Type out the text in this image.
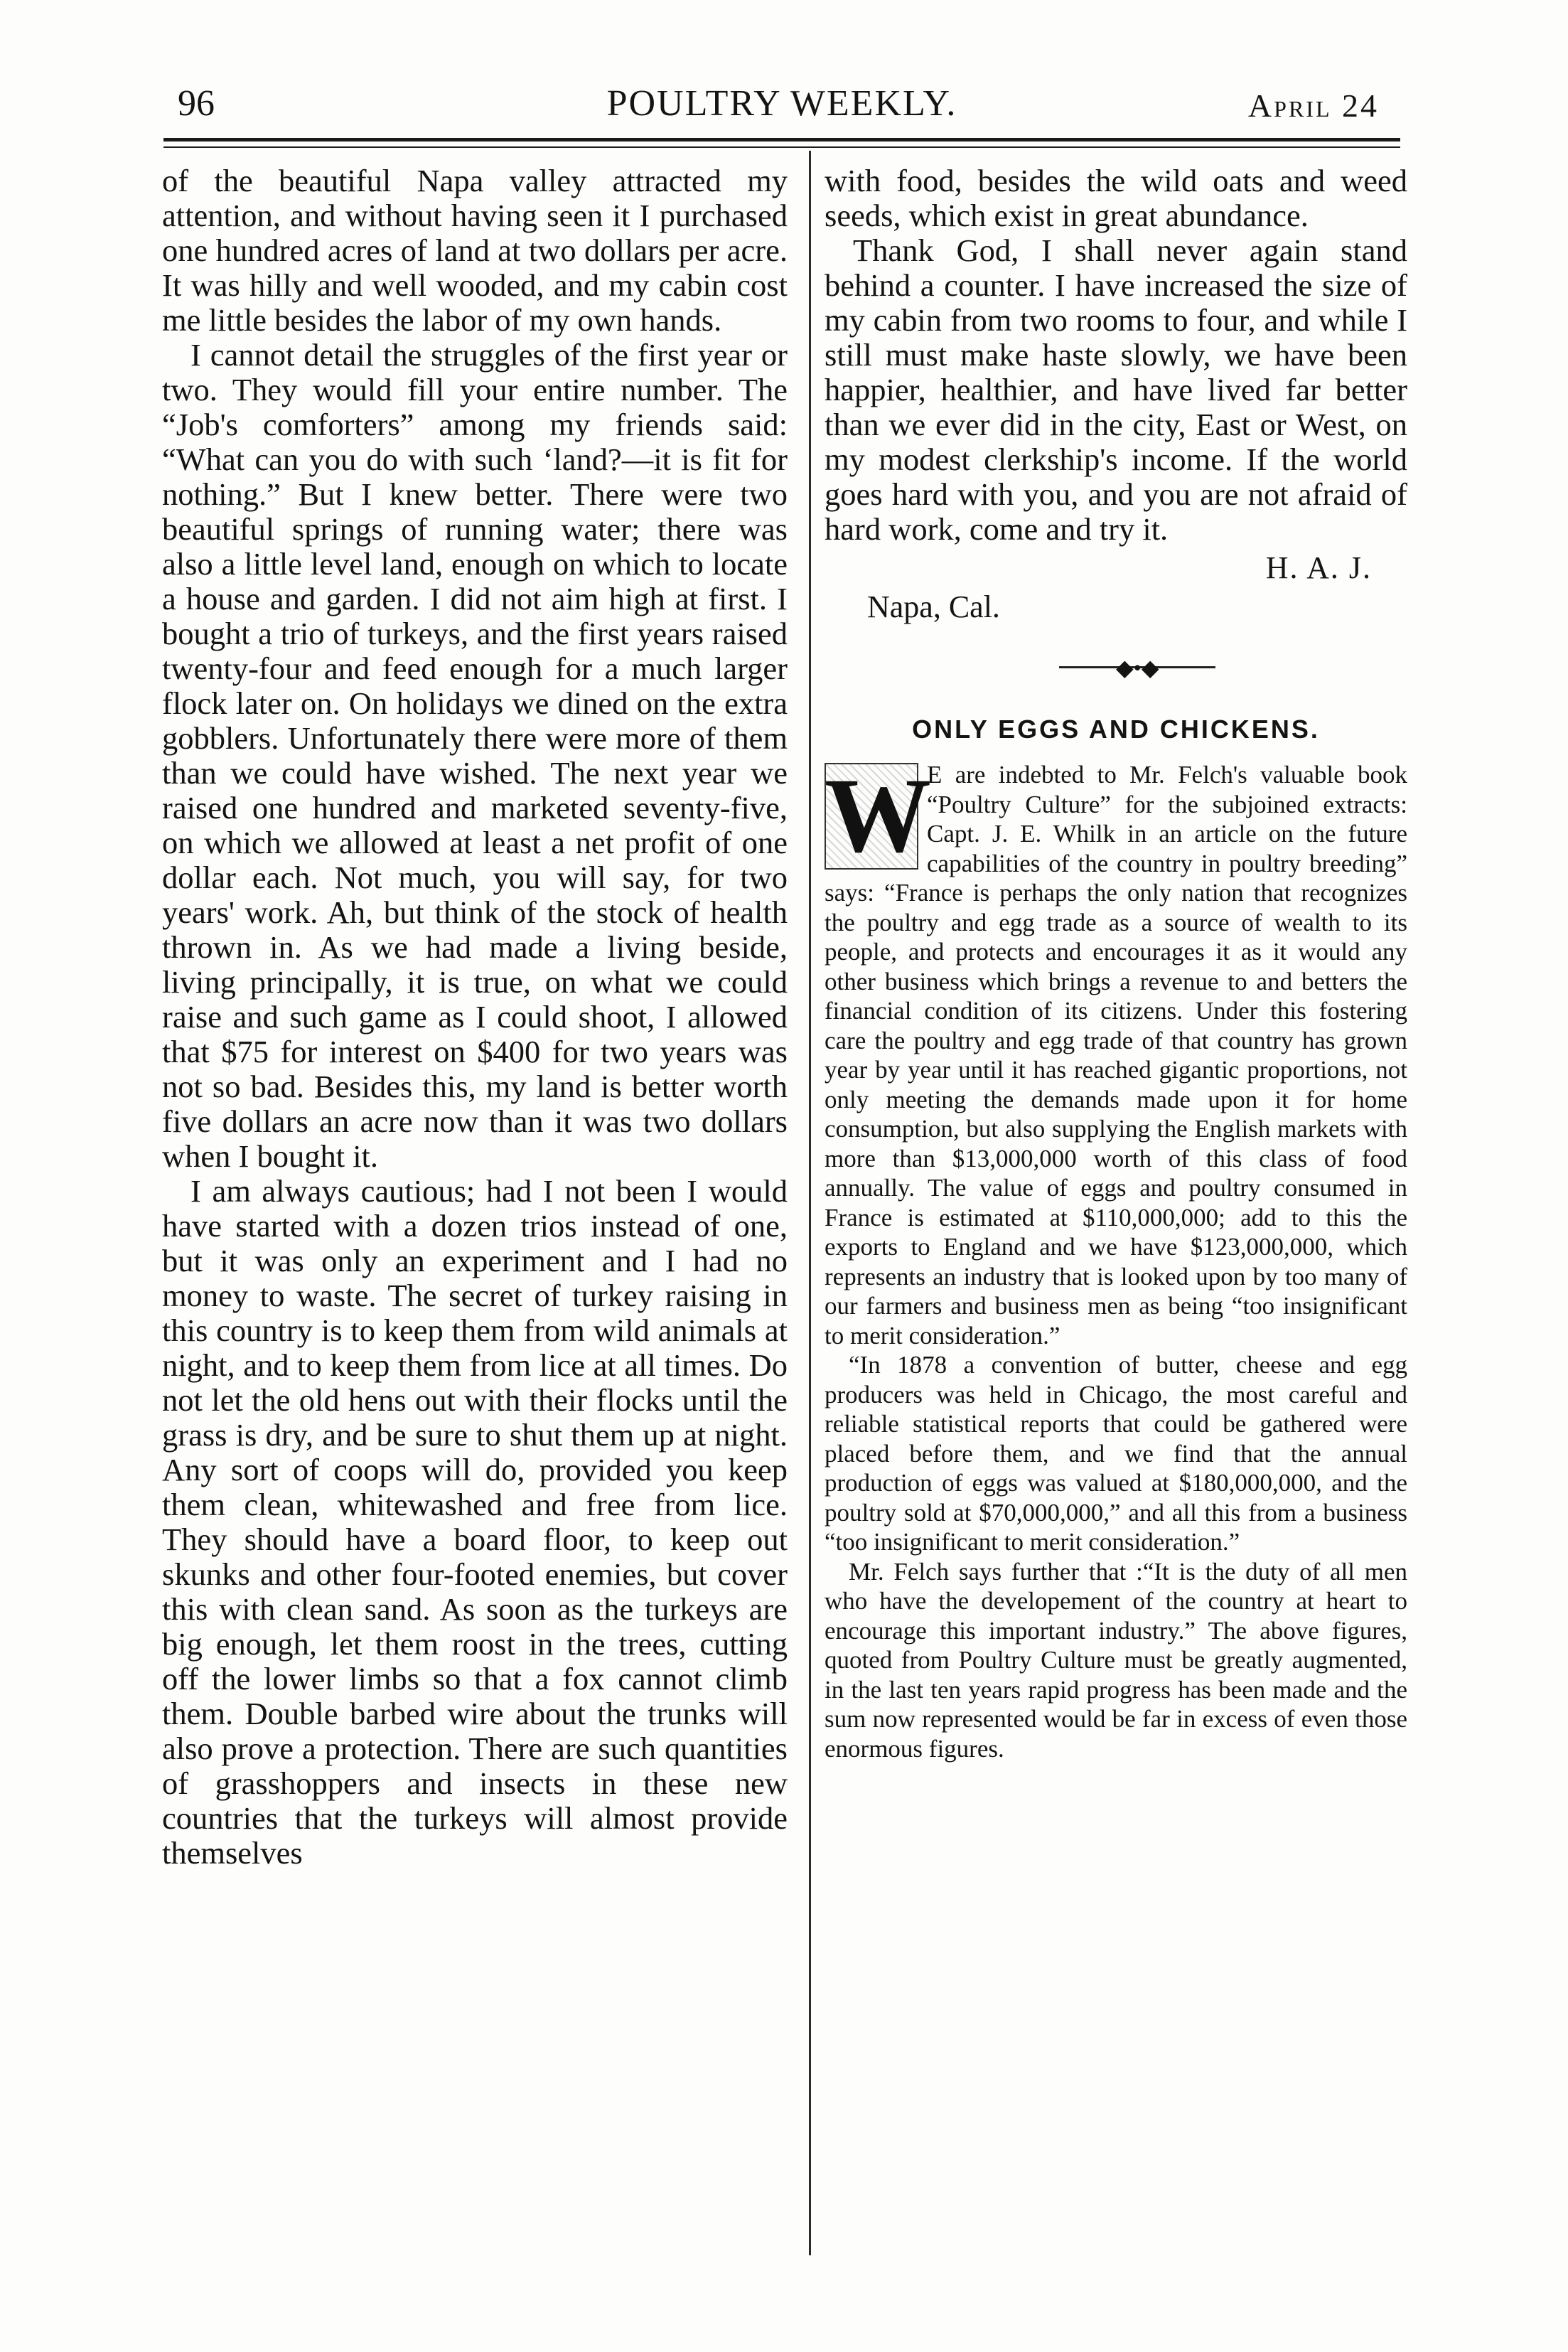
96	POULTRY WEEKLY.	April 24

of the beautiful Napa valley attracted my attention, and without having seen it I purchased one hundred acres of land at two dollars per acre. It was hilly and well wooded, and my cabin cost me little besides the labor of my own hands.

I cannot detail the struggles of the first year or two. They would fill your entire number. The “Job's comforters” among my friends said: “What can you do with such ‘land?—it is fit for nothing.” But I knew better. There were two beautiful springs of running water; there was also a little level land, enough on which to locate a house and garden. I did not aim high at first. I bought a trio of turkeys, and the first years raised twenty-four and feed enough for a much larger flock later on. On holidays we dined on the extra gobblers. Unfortunately there were more of them than we could have wished. The next year we raised one hundred and marketed seventy-five, on which we allowed at least a net profit of one dollar each. Not much, you will say, for two years' work. Ah, but think of the stock of health thrown in. As we had made a living beside, living principally, it is true, on what we could raise and such game as I could shoot, I allowed that $75 for interest on $400 for two years was not so bad. Besides this, my land is better worth five dollars an acre now than it was two dollars when I bought it.

I am always cautious; had I not been I would have started with a dozen trios instead of one, but it was only an experiment and I had no money to waste. The secret of turkey raising in this country is to keep them from wild animals at night, and to keep them from lice at all times. Do not let the old hens out with their flocks until the grass is dry, and be sure to shut them up at night. Any sort of coops will do, provided you keep them clean, whitewashed and free from lice. They should have a board floor, to keep out skunks and other four-footed enemies, but cover this with clean sand. As soon as the turkeys are big enough, let them roost in the trees, cutting off the lower limbs so that a fox cannot climb them. Double barbed wire about the trunks will also prove a protection. There are such quantities of grasshoppers and insects in these new countries that the turkeys will almost provide themselves

with food, besides the wild oats and weed seeds, which exist in great abundance.

Thank God, I shall never again stand behind a counter. I have increased the size of my cabin from two rooms to four, and while I still must make haste slowly, we have been happier, healthier, and have lived far better than we ever did in the city, East or West, on my modest clerkship's income. If the world goes hard with you, and you are not afraid of hard work, come and try it.

H. A. J.
Napa, Cal.
◆•◆
ONLY EGGS AND CHICKENS.

W
E are indebted to Mr. Felch's valuable book “Poultry Culture” for the subjoined extracts: Capt. J. E. Whilk in an article on the future capabilities of the country in poultry breeding” says: “France is perhaps the only nation that recognizes the poultry and egg trade as a source of wealth to its people, and protects and encourages it as it would any other business which brings a revenue to and betters the financial condition of its citizens. Under this fostering care the poultry and egg trade of that country has grown year by year until it has reached gigantic proportions, not only meeting the demands made upon it for home consumption, but also supplying the English markets with more than $13,000,000 worth of this class of food annually. The value of eggs and poultry consumed in France is estimated at $110,000,000; add to this the exports to England and we have $123,000,000, which represents an industry that is looked upon by too many of our farmers and business men as being “too insignificant to merit consideration.”

“In 1878 a convention of butter, cheese and egg producers was held in Chicago, the most careful and reliable statistical reports that could be gathered were placed before them, and we find that the annual production of eggs was valued at $180,000,000, and the poultry sold at $70,000,000,” and all this from a business “too insignificant to merit consideration.”

Mr. Felch says further that :“It is the duty of all men who have the developement of the country at heart to encourage this important industry.” The above figures, quoted from Poultry Culture must be greatly augmented, in the last ten years rapid progress has been made and the sum now represented would be far in excess of even those enormous figures.
